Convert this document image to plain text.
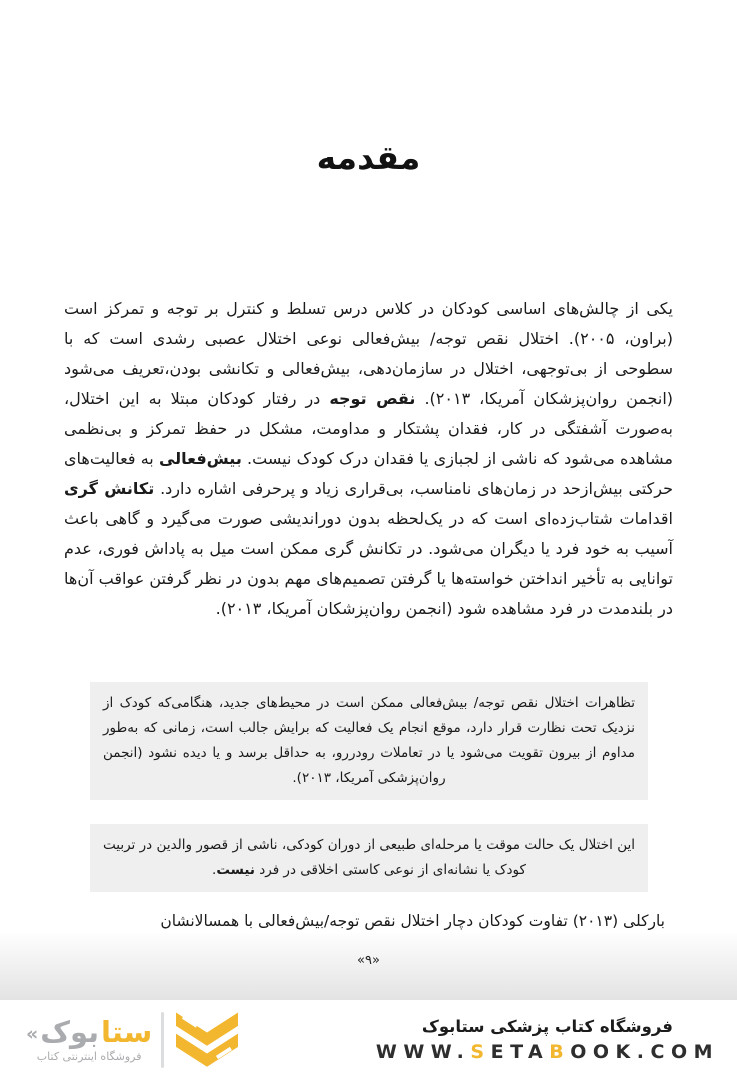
مقدمه

یکی از چالش‌های اساسی کودکان در کلاس درس تسلط و کنترل بر توجه و تمرکز است (براون، ۲۰۰۵). اختلال نقص توجه/ بیش‌فعالی نوعی اختلال عصبی رشدی است که با سطوحی از بی‌توجهی، اختلال در سازمان‌دهی، بیش‌فعالی و تکانشی بودن،تعریف می‌شود (انجمن روان‌پزشکان آمریکا، ۲۰۱۳). نقص توجه در رفتار کودکان مبتلا به این اختلال، به‌صورت آشفتگی در کار، فقدان پشتکار و مداومت، مشکل در حفظ تمرکز و بی‌نظمی مشاهده می‌شود که ناشی از لجبازی یا فقدان درک کودک نیست. بیش‌فعالی به فعالیت‌های حرکتی بیش‌ازحد در زمان‌های نامناسب، بی‌قراری زیاد و پرحرفی اشاره دارد. تکانش گری اقدامات شتاب‌زده‌ای است که در یک‌لحظه بدون دوراندیشی صورت می‌گیرد و گاهی باعث آسیب به خود فرد یا دیگران می‌شود. در تکانش گری ممکن است میل به پاداش فوری، عدم توانایی به تأخیر انداختن خواسته‌ها یا گرفتن تصمیم‌های مهم بدون در نظر گرفتن عواقب آن‌ها در بلندمدت در فرد مشاهده شود (انجمن روان‌پزشکان آمریکا، ۲۰۱۳).

تظاهرات اختلال نقص توجه/ بیش‌فعالی ممکن است در محیط‌های جدید، هنگامی‌که کودک از نزدیک تحت نظارت قرار دارد، موقع انجام یک فعالیت که برایش جالب است، زمانی که به‌طور مداوم از بیرون تقویت می‌شود یا در تعاملات رودررو، به حداقل برسد و یا دیده نشود (انجمن روان‌پزشکی آمریکا، ۲۰۱۳).
این اختلال یک حالت موقت یا مرحله‌ای طبیعی از دوران کودکی، ناشی از قصور والدین در تربیت کودک یا نشانه‌ای از نوعی کاستی اخلاقی در فرد نیست.

بارکلی (۲۰۱۳) تفاوت کودکان دچار اختلال نقص توجه/بیش‌فعالی با همسالانشان

«۹»
« بوک ستا
فروشگاه اینترنتی کتاب
فروشگاه کتاب پزشکی ستابوک
WWW.SETABOOK.COM
